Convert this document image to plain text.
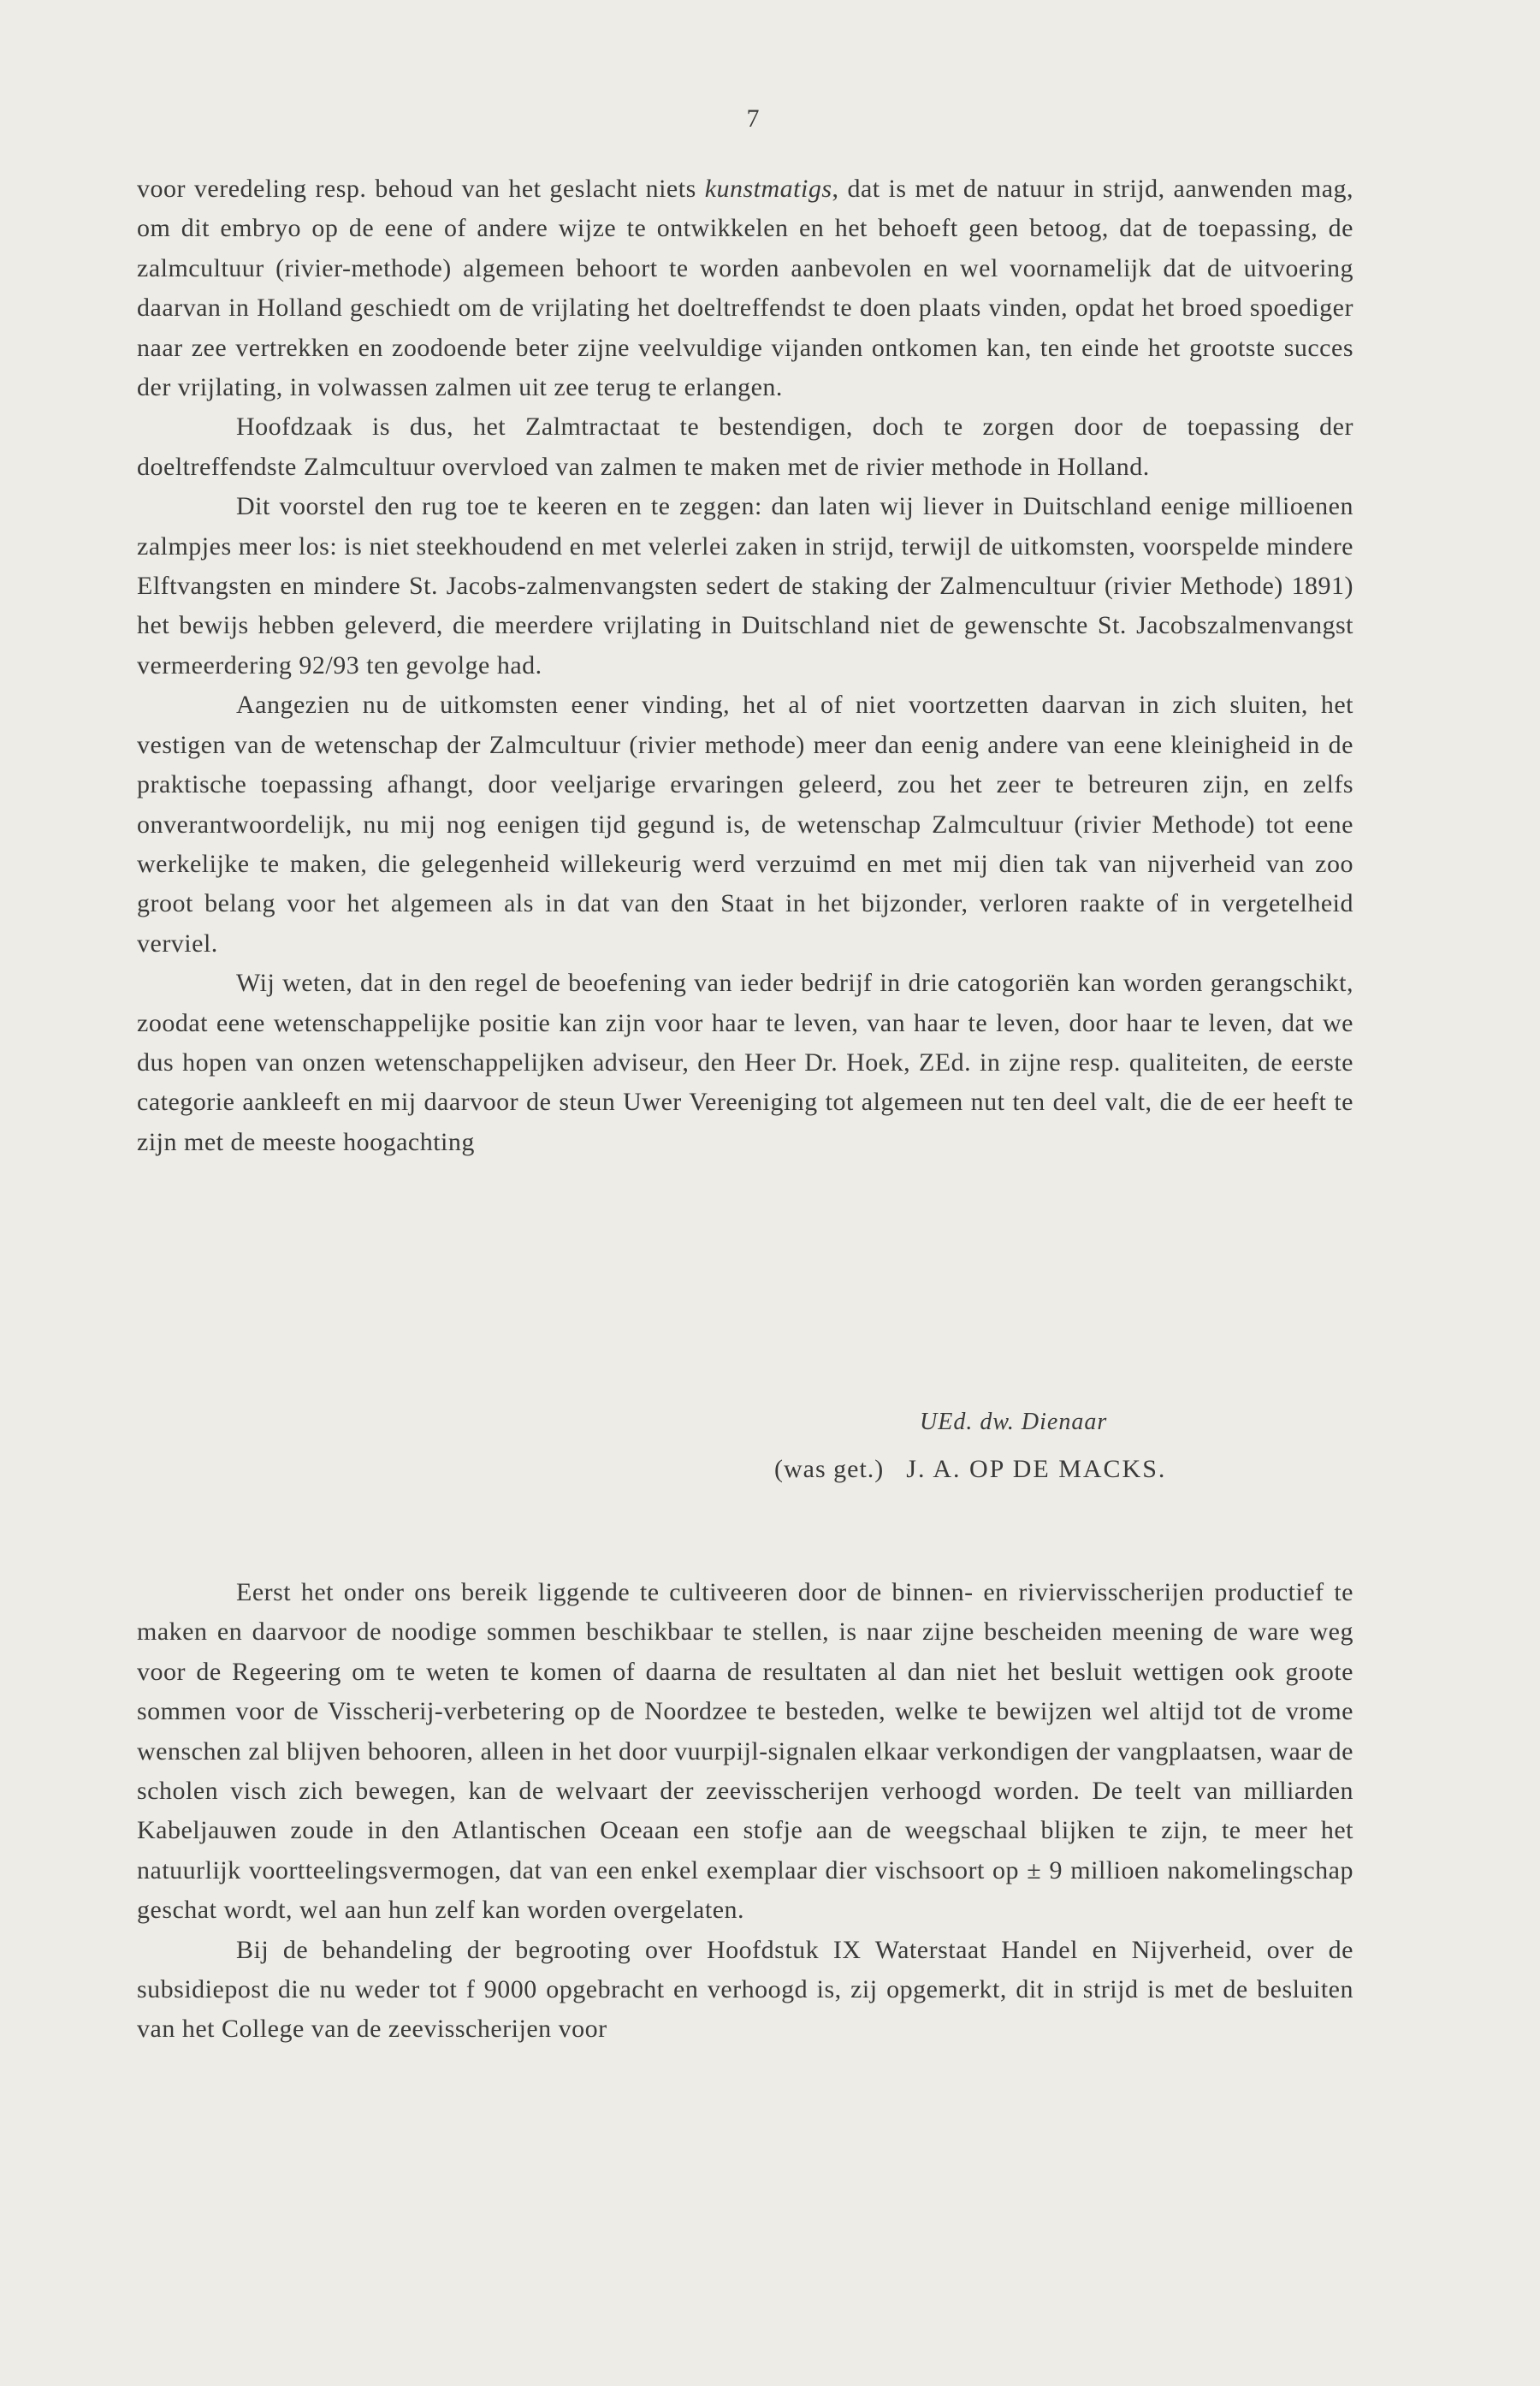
7

voor veredeling resp. behoud van het geslacht niets kunstmatigs, dat is met de natuur in strijd, aanwenden mag, om dit embryo op de eene of andere wijze te ontwikkelen en het behoeft geen betoog, dat de toepassing, de zalmcultuur (rivier-methode) algemeen behoort te worden aanbevolen en wel voornamelijk dat de uitvoering daarvan in Holland geschiedt om de vrijlating het doeltreffendst te doen plaats vinden, opdat het broed spoediger naar zee vertrekken en zoodoende beter zijne veelvuldige vijanden ontkomen kan, ten einde het grootste succes der vrijlating, in volwassen zalmen uit zee terug te erlangen.

Hoofdzaak is dus, het Zalmtractaat te bestendigen, doch te zorgen door de toepassing der doeltreffendste Zalmcultuur overvloed van zalmen te maken met de rivier methode in Holland.

Dit voorstel den rug toe te keeren en te zeggen: dan laten wij liever in Duitschland eenige millioenen zalmpjes meer los: is niet steekhoudend en met velerlei zaken in strijd, terwijl de uitkomsten, voorspelde mindere Elftvangsten en mindere St. Jacobs-zalmenvangsten sedert de staking der Zalmencultuur (rivier Methode) 1891) het bewijs hebben geleverd, die meerdere vrijlating in Duitschland niet de gewenschte St. Jacobszalmenvangst vermeerdering 92/93 ten gevolge had.

Aangezien nu de uitkomsten eener vinding, het al of niet voortzetten daarvan in zich sluiten, het vestigen van de wetenschap der Zalmcultuur (rivier methode) meer dan eenig andere van eene kleinigheid in de praktische toepassing afhangt, door veeljarige ervaringen geleerd, zou het zeer te betreuren zijn, en zelfs onverantwoordelijk, nu mij nog eenigen tijd gegund is, de wetenschap Zalmcultuur (rivier Methode) tot eene werkelijke te maken, die gelegenheid willekeurig werd verzuimd en met mij dien tak van nijverheid van zoo groot belang voor het algemeen als in dat van den Staat in het bijzonder, verloren raakte of in vergetelheid verviel.

Wij weten, dat in den regel de beoefening van ieder bedrijf in drie catogoriën kan worden gerangschikt, zoodat eene wetenschappelijke positie kan zijn voor haar te leven, van haar te leven, door haar te leven, dat we dus hopen van onzen wetenschappelijken adviseur, den Heer Dr. Hoek, ZEd. in zijne resp. qualiteiten, de eerste categorie aankleeft en mij daarvoor de steun Uwer Vereeniging tot algemeen nut ten deel valt, die de eer heeft te zijn met de meeste hoogachting

UEd. dw. Dienaar
(was get.) J. A. OP DE MACKS.

Eerst het onder ons bereik liggende te cultiveeren door de binnen- en riviervisscherijen productief te maken en daarvoor de noodige sommen beschikbaar te stellen, is naar zijne bescheiden meening de ware weg voor de Regeering om te weten te komen of daarna de resultaten al dan niet het besluit wettigen ook groote sommen voor de Visscherij-verbetering op de Noordzee te besteden, welke te bewijzen wel altijd tot de vrome wenschen zal blijven behooren, alleen in het door vuurpijl-signalen elkaar verkondigen der vangplaatsen, waar de scholen visch zich bewegen, kan de welvaart der zeevisscherijen verhoogd worden. De teelt van milliarden Kabeljauwen zoude in den Atlantischen Oceaan een stofje aan de weegschaal blijken te zijn, te meer het natuurlijk voortteelingsvermogen, dat van een enkel exemplaar dier vischsoort op ± 9 millioen nakomelingschap geschat wordt, wel aan hun zelf kan worden overgelaten.

Bij de behandeling der begrooting over Hoofdstuk IX Waterstaat Handel en Nijverheid, over de subsidiepost die nu weder tot f 9000 opgebracht en verhoogd is, zij opgemerkt, dit in strijd is met de besluiten van het College van de zeevisscherijen voor
